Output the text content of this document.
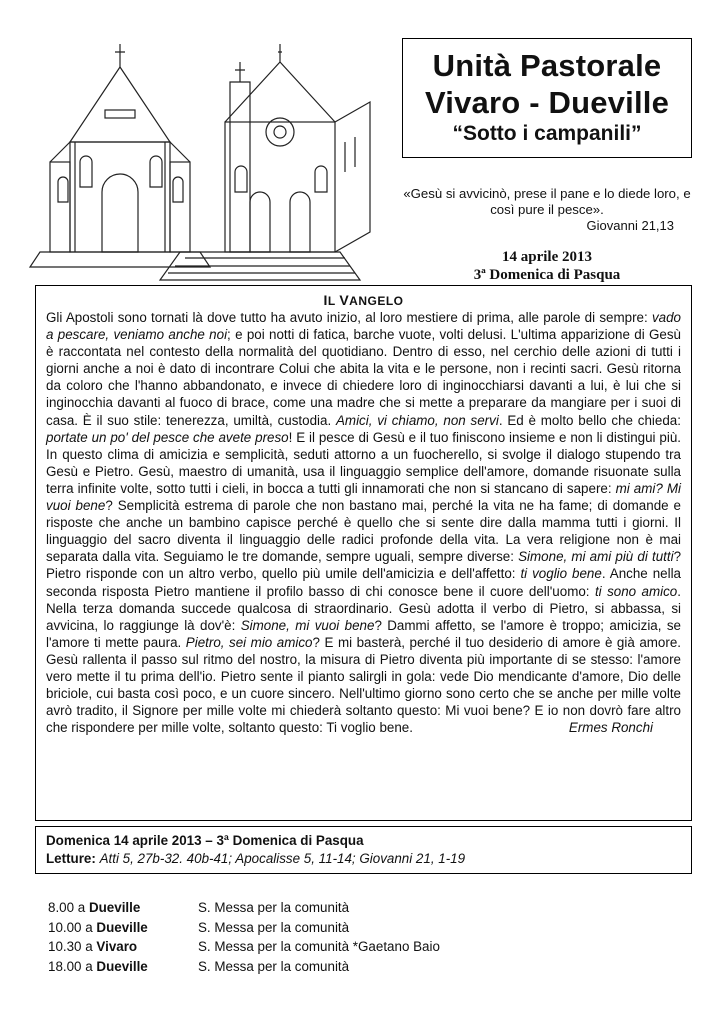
Unità Pastorale
Vivaro - Dueville
“Sotto i campanili”
«Gesù si avvicinò, prese il pane e lo diede loro, e così pure il pesce».
Giovanni 21,13
14 aprile 2013
3ª Domenica di Pasqua
IL VANGELO
Gli Apostoli sono tornati là dove tutto ha avuto inizio, al loro mestiere di prima, alle parole di sempre: vado a pescare, veniamo anche noi; e poi notti di fatica, barche vuote, volti delusi. L'ultima apparizione di Gesù è raccontata nel contesto della normalità del quotidiano. Dentro di esso, nel cerchio delle azioni di tutti i giorni anche a noi è dato di incontrare Colui che abita la vita e le persone, non i recinti sacri. Gesù ritorna da coloro che l'hanno abbandonato, e invece di chiedere loro di inginocchiarsi davanti a lui, è lui che si inginocchia davanti al fuoco di brace, come una madre che si mette a preparare da mangiare per i suoi di casa. È il suo stile: tenerezza, umiltà, custodia. Amici, vi chiamo, non servi. Ed è molto bello che chieda: portate un po' del pesce che avete preso! E il pesce di Gesù e il tuo finiscono insieme e non li distingui più. In questo clima di amicizia e semplicità, seduti attorno a un fuocherello, si svolge il dialogo stupendo tra Gesù e Pietro. Gesù, maestro di umanità, usa il linguaggio semplice dell'amore, domande risuonate sulla terra infinite volte, sotto tutti i cieli, in bocca a tutti gli innamorati che non si stancano di sapere: mi ami? Mi vuoi bene? Semplicità estrema di parole che non bastano mai, perché la vita ne ha fame; di domande e risposte che anche un bambino capisce perché è quello che si sente dire dalla mamma tutti i giorni. Il linguaggio del sacro diventa il linguaggio delle radici profonde della vita. La vera religione non è mai separata dalla vita. Seguiamo le tre domande, sempre uguali, sempre diverse: Simone, mi ami più di tutti? Pietro risponde con un altro verbo, quello più umile dell'amicizia e dell'affetto: ti voglio bene. Anche nella seconda risposta Pietro mantiene il profilo basso di chi conosce bene il cuore dell'uomo: ti sono amico. Nella terza domanda succede qualcosa di straordinario. Gesù adotta il verbo di Pietro, si abbassa, si avvicina, lo raggiunge là dov'è: Simone, mi vuoi bene? Dammi affetto, se l'amore è troppo; amicizia, se l'amore ti mette paura. Pietro, sei mio amico? E mi basterà, perché il tuo desiderio di amore è già amore. Gesù rallenta il passo sul ritmo del nostro, la misura di Pietro diventa più importante di se stesso: l'amore vero mette il tu prima dell'io. Pietro sente il pianto salirgli in gola: vede Dio mendicante d'amore, Dio delle briciole, cui basta così poco, e un cuore sincero. Nell'ultimo giorno sono certo che se anche per mille volte avrò tradito, il Signore per mille volte mi chiederà soltanto questo: Mi vuoi bene? E io non dovrò fare altro che rispondere per mille volte, soltanto questo: Ti voglio bene.	Ermes Ronchi
Domenica 14 aprile 2013 – 3ª Domenica di Pasqua
Letture: Atti 5, 27b-32. 40b-41; Apocalisse 5, 11-14; Giovanni 21, 1-19
8.00 a Dueville	S. Messa per la comunità
10.00 a Dueville	S. Messa per la comunità
10.30 a Vivaro	S. Messa per la comunità *Gaetano Baio
18.00 a Dueville	S. Messa per la comunità
